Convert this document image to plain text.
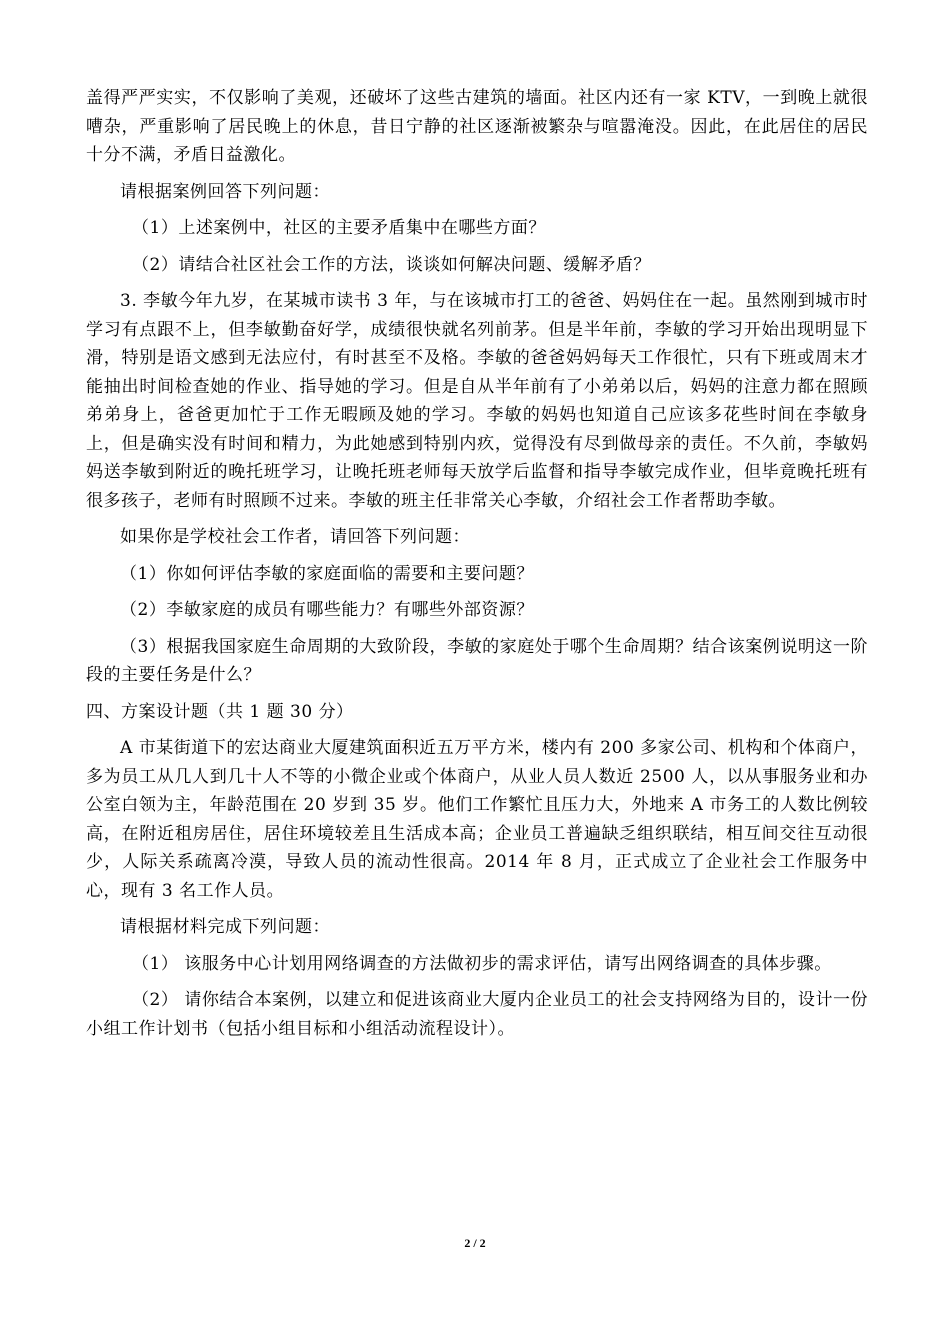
盖得严严实实，不仅影响了美观，还破坏了这些古建筑的墙面。社区内还有一家 KTV，一到晚上就很嘈杂，严重影响了居民晚上的休息，昔日宁静的社区逐渐被繁杂与喧嚣淹没。因此，在此居住的居民十分不满，矛盾日益激化。

请根据案例回答下列问题：

（1）上述案例中，社区的主要矛盾集中在哪些方面？

（2）请结合社区社会工作的方法，谈谈如何解决问题、缓解矛盾？

3. 李敏今年九岁，在某城市读书 3 年，与在该城市打工的爸爸、妈妈住在一起。虽然刚到城市时学习有点跟不上，但李敏勤奋好学，成绩很快就名列前茅。但是半年前，李敏的学习开始出现明显下滑，特别是语文感到无法应付，有时甚至不及格。李敏的爸爸妈妈每天工作很忙，只有下班或周末才能抽出时间检查她的作业、指导她的学习。但是自从半年前有了小弟弟以后，妈妈的注意力都在照顾弟弟身上，爸爸更加忙于工作无暇顾及她的学习。李敏的妈妈也知道自己应该多花些时间在李敏身上，但是确实没有时间和精力，为此她感到特别内疚，觉得没有尽到做母亲的责任。不久前，李敏妈妈送李敏到附近的晚托班学习，让晚托班老师每天放学后监督和指导李敏完成作业，但毕竟晚托班有很多孩子，老师有时照顾不过来。李敏的班主任非常关心李敏，介绍社会工作者帮助李敏。

如果你是学校社会工作者，请回答下列问题：

（1）你如何评估李敏的家庭面临的需要和主要问题？

（2）李敏家庭的成员有哪些能力？有哪些外部资源？

（3）根据我国家庭生命周期的大致阶段，李敏的家庭处于哪个生命周期？结合该案例说明这一阶段的主要任务是什么？

四、方案设计题（共 1 题 30 分）

A 市某街道下的宏达商业大厦建筑面积近五万平方米，楼内有 200 多家公司、机构和个体商户，多为员工从几人到几十人不等的小微企业或个体商户，从业人员人数近 2500 人，以从事服务业和办公室白领为主，年龄范围在 20 岁到 35 岁。他们工作繁忙且压力大，外地来 A 市务工的人数比例较高，在附近租房居住，居住环境较差且生活成本高；企业员工普遍缺乏组织联结，相互间交往互动很少，人际关系疏离冷漠，导致人员的流动性很高。2014 年 8 月，正式成立了企业社会工作服务中心，现有 3 名工作人员。

请根据材料完成下列问题：

（1） 该服务中心计划用网络调查的方法做初步的需求评估，请写出网络调查的具体步骤。

（2） 请你结合本案例，以建立和促进该商业大厦内企业员工的社会支持网络为目的，设计一份小组工作计划书（包括小组目标和小组活动流程设计）。

2 / 2
